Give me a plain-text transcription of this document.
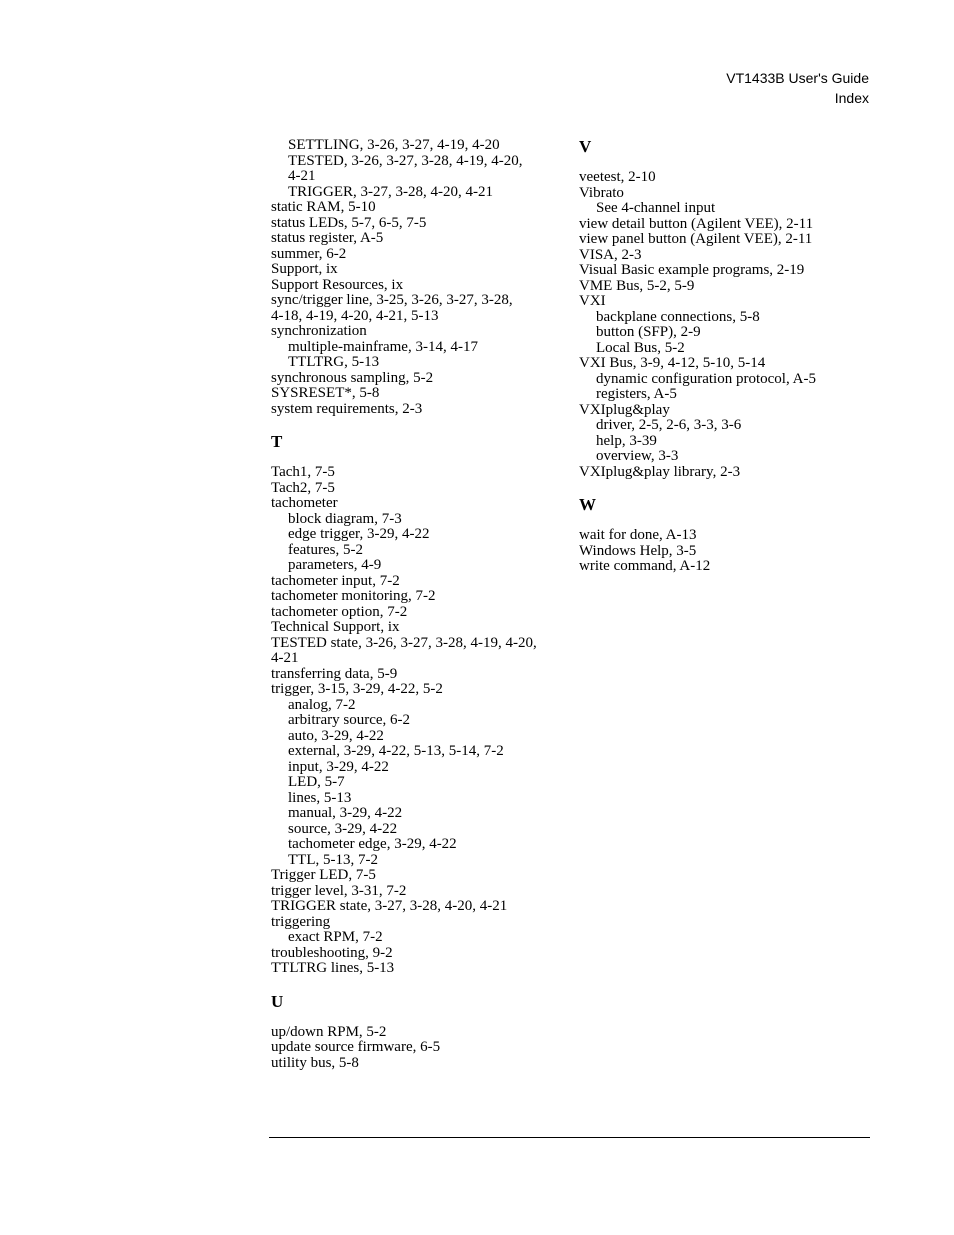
VT1433B User's Guide
Index
SETTLING, 3-26, 3-27, 4-19, 4-20
TESTED, 3-26, 3-27, 3-28, 4-19, 4-20,
4-21
TRIGGER, 3-27, 3-28, 4-20, 4-21
static RAM, 5-10
status LEDs, 5-7, 6-5, 7-5
status register, A-5
summer, 6-2
Support, ix
Support Resources, ix
sync/trigger line, 3-25, 3-26, 3-27, 3-28,
4-18, 4-19, 4-20, 4-21, 5-13
synchronization
multiple-mainframe, 3-14, 4-17
TTLTRG, 5-13
synchronous sampling, 5-2
SYSRESET*, 5-8
system requirements, 2-3
T
Tach1, 7-5
Tach2, 7-5
tachometer
block diagram, 7-3
edge trigger, 3-29, 4-22
features, 5-2
parameters, 4-9
tachometer input, 7-2
tachometer monitoring, 7-2
tachometer option, 7-2
Technical Support, ix
TESTED state, 3-26, 3-27, 3-28, 4-19, 4-20,
4-21
transferring data, 5-9
trigger, 3-15, 3-29, 4-22, 5-2
analog, 7-2
arbitrary source, 6-2
auto, 3-29, 4-22
external, 3-29, 4-22, 5-13, 5-14, 7-2
input, 3-29, 4-22
LED, 5-7
lines, 5-13
manual, 3-29, 4-22
source, 3-29, 4-22
tachometer edge, 3-29, 4-22
TTL, 5-13, 7-2
Trigger LED, 7-5
trigger level, 3-31, 7-2
TRIGGER state, 3-27, 3-28, 4-20, 4-21
triggering
exact RPM, 7-2
troubleshooting, 9-2
TTLTRG lines, 5-13
U
up/down RPM, 5-2
update source firmware, 6-5
utility bus, 5-8
V
veetest, 2-10
Vibrato
See 4-channel input
view detail button (Agilent VEE), 2-11
view panel button (Agilent VEE), 2-11
VISA, 2-3
Visual Basic example programs, 2-19
VME Bus, 5-2, 5-9
VXI
backplane connections, 5-8
button (SFP), 2-9
Local Bus, 5-2
VXI Bus, 3-9, 4-12, 5-10, 5-14
dynamic configuration protocol, A-5
registers, A-5
VXIplug&play
driver, 2-5, 2-6, 3-3, 3-6
help, 3-39
overview, 3-3
VXIplug&play library, 2-3
W
wait for done, A-13
Windows Help, 3-5
write command, A-12
